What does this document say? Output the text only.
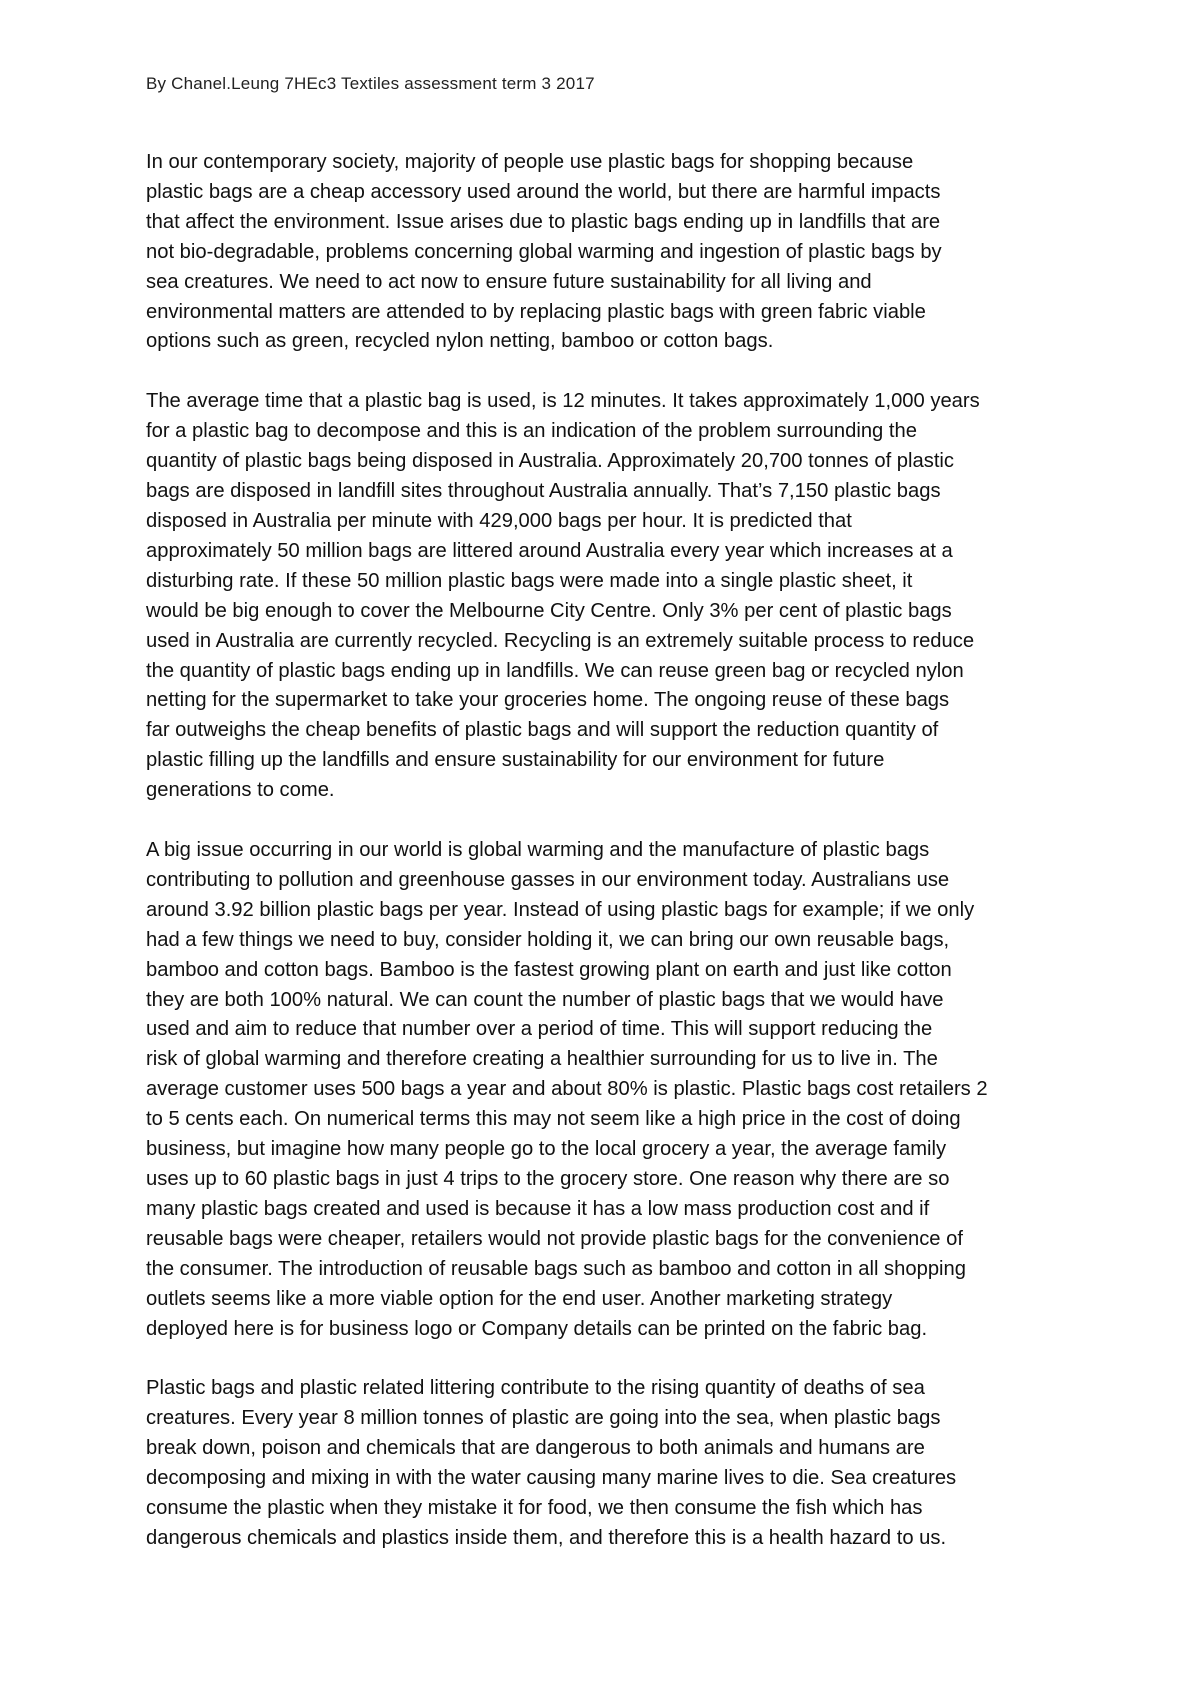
By Chanel.Leung 7HEc3 Textiles assessment term 3 2017
In our contemporary society, majority of people use plastic bags for shopping because
plastic bags are a cheap accessory used around the world, but there are harmful impacts
that affect the environment. Issue arises due to plastic bags ending up in landfills that are
not bio-degradable, problems concerning global warming and ingestion of plastic bags by
sea creatures. We need to act now to ensure future sustainability for all living and
environmental matters are attended to by replacing plastic bags with green fabric viable
options such as green, recycled nylon netting, bamboo or cotton bags.
The average time that a plastic bag is used, is 12 minutes. It takes approximately 1,000 years
for a plastic bag to decompose and this is an indication of the problem surrounding the
quantity of plastic bags being disposed in Australia. Approximately 20,700 tonnes of plastic
bags are disposed in landfill sites throughout Australia annually. That’s 7,150 plastic bags
disposed in Australia per minute with 429,000 bags per hour. It is predicted that
approximately 50 million bags are littered around Australia every year which increases at a
disturbing rate. If these 50 million plastic bags were made into a single plastic sheet, it
would be big enough to cover the Melbourne City Centre. Only 3% per cent of plastic bags
used in Australia are currently recycled. Recycling is an extremely suitable process to reduce
the quantity of plastic bags ending up in landfills. We can reuse green bag or recycled nylon
netting for the supermarket to take your groceries home. The ongoing reuse of these bags
far outweighs the cheap benefits of plastic bags and will support the reduction quantity of
plastic filling up the landfills and ensure sustainability for our environment for future
generations to come.
A big issue occurring in our world is global warming and the manufacture of plastic bags
contributing to pollution and greenhouse gasses in our environment today. Australians use
around 3.92 billion plastic bags per year. Instead of using plastic bags for example; if we only
had a few things we need to buy, consider holding it, we can bring our own reusable bags,
bamboo and cotton bags. Bamboo is the fastest growing plant on earth and just like cotton
they are both 100% natural. We can count the number of plastic bags that we would have
used and aim to reduce that number over a period of time. This will support reducing the
risk of global warming and therefore creating a healthier surrounding for us to live in. The
average customer uses 500 bags a year and about 80% is plastic. Plastic bags cost retailers 2
to 5 cents each. On numerical terms this may not seem like a high price in the cost of doing
business, but imagine how many people go to the local grocery a year, the average family
uses up to 60 plastic bags in just 4 trips to the grocery store. One reason why there are so
many plastic bags created and used is because it has a low mass production cost and if
reusable bags were cheaper, retailers would not provide plastic bags for the convenience of
the consumer. The introduction of reusable bags such as bamboo and cotton in all shopping
outlets seems like a more viable option for the end user. Another marketing strategy
deployed here is for business logo or Company details can be printed on the fabric bag.
Plastic bags and plastic related littering contribute to the rising quantity of deaths of sea
creatures. Every year 8 million tonnes of plastic are going into the sea, when plastic bags
break down, poison and chemicals that are dangerous to both animals and humans are
decomposing and mixing in with the water causing many marine lives to die. Sea creatures
consume the plastic when they mistake it for food, we then consume the fish which has
dangerous chemicals and plastics inside them, and therefore this is a health hazard to us.
